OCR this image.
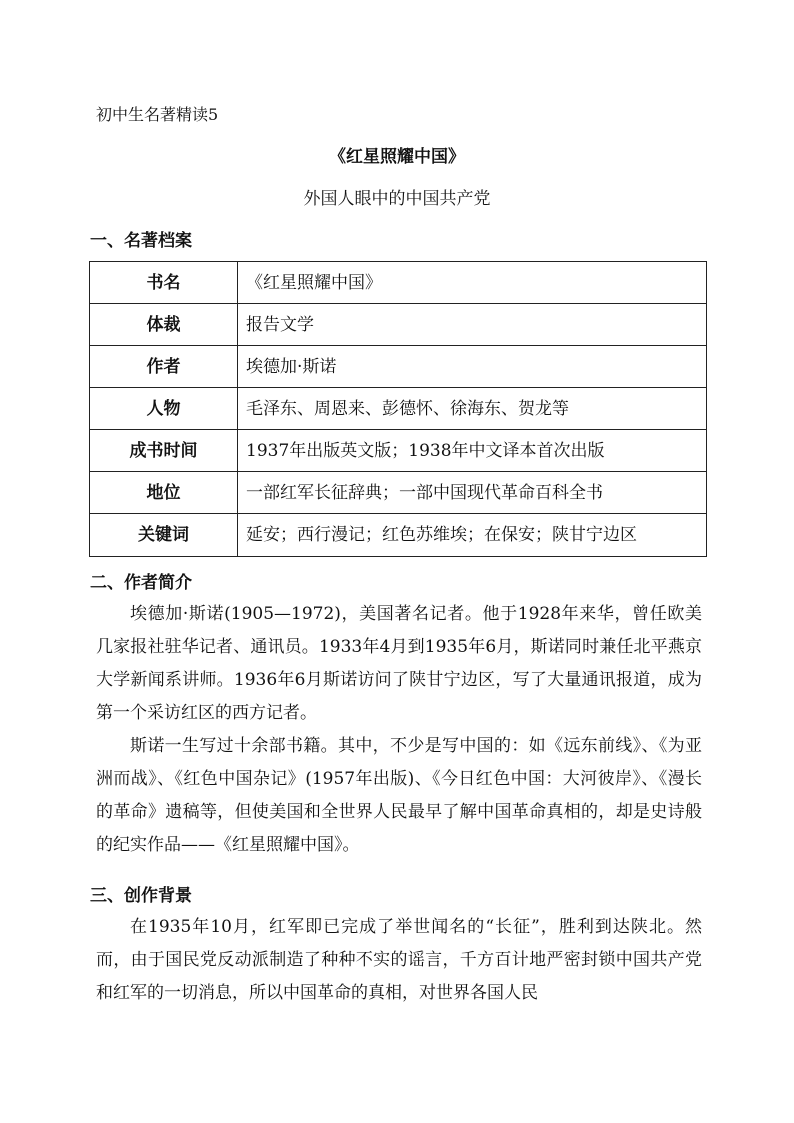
初中生名著精读5
《红星照耀中国》
外国人眼中的中国共产党
一、名著档案
书名	《红星照耀中国》
体裁	报告文学
作者	埃德加·斯诺
人物	毛泽东、周恩来、彭德怀、徐海东、贺龙等
成书时间	1937年出版英文版；1938年中文译本首次出版
地位	一部红军长征辞典；一部中国现代革命百科全书
关键词	延安；西行漫记；红色苏维埃；在保安；陕甘宁边区
二、作者简介

埃德加·斯诺(1905—1972)，美国著名记者。他于1928年来华，曾任欧美几家报社驻华记者、通讯员。1933年4月到1935年6月，斯诺同时兼任北平燕京大学新闻系讲师。1936年6月斯诺访问了陕甘宁边区，写了大量通讯报道，成为第一个采访红区的西方记者。

斯诺一生写过十余部书籍。其中，不少是写中国的：如《远东前线》、《为亚洲而战》、《红色中国杂记》(1957年出版)、《今日红色中国：大河彼岸》、《漫长的革命》遗稿等，但使美国和全世界人民最早了解中国革命真相的，却是史诗般的纪实作品——《红星照耀中国》。

三、创作背景

在1935年10月，红军即已完成了举世闻名的“长征”，胜利到达陕北。然而，由于国民党反动派制造了种种不实的谣言，千方百计地严密封锁中国共产党和红军的一切消息，所以中国革命的真相，对世界各国人民
